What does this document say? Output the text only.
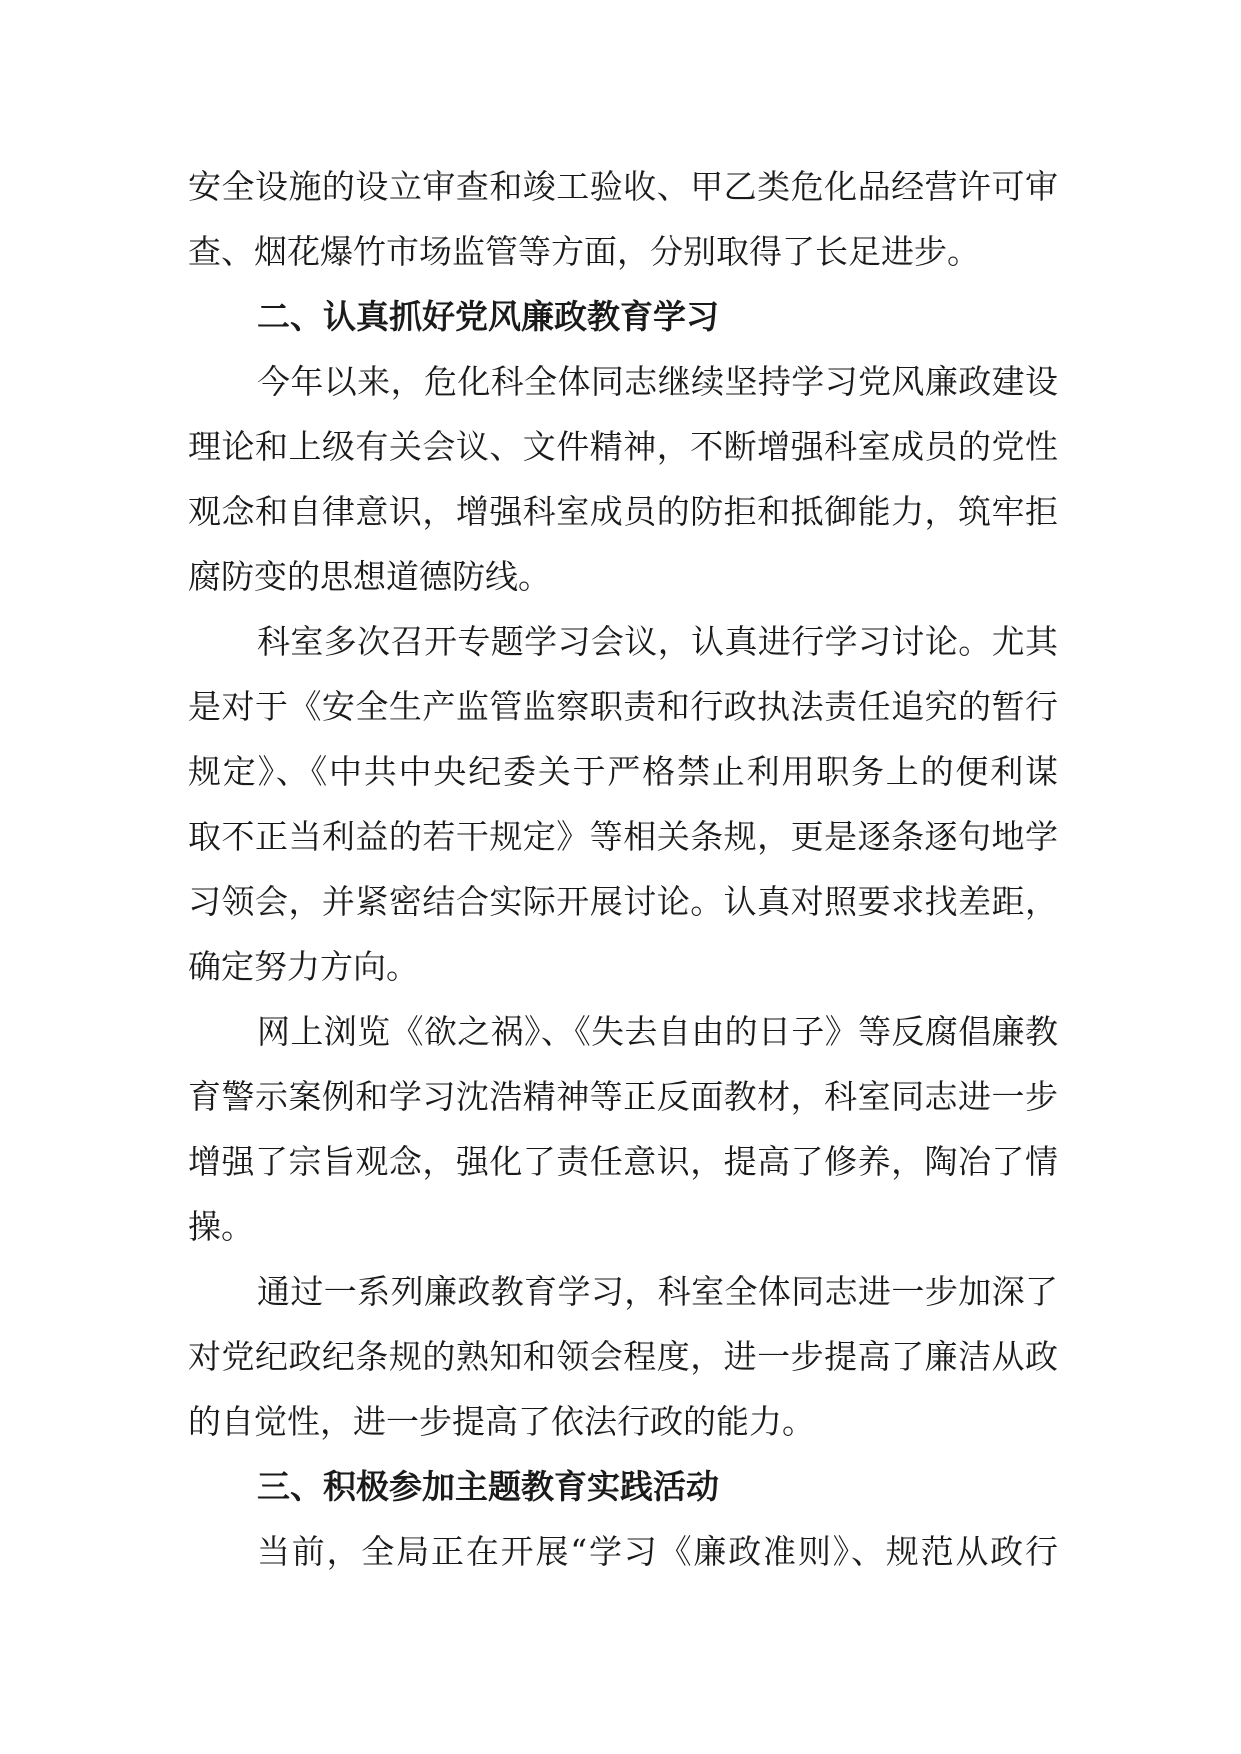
安全设施的设立审查和竣工验收、甲乙类危化品经营许可审
查、烟花爆竹市场监管等方面，分别取得了长足进步。
二、认真抓好党风廉政教育学习
今年以来，危化科全体同志继续坚持学习党风廉政建设
理论和上级有关会议、文件精神，不断增强科室成员的党性
观念和自律意识，增强科室成员的防拒和抵御能力，筑牢拒
腐防变的思想道德防线。
科室多次召开专题学习会议，认真进行学习讨论。尤其
是对于《安全生产监管监察职责和行政执法责任追究的暂行
规定》、《中共中央纪委关于严格禁止利用职务上的便利谋
取不正当利益的若干规定》等相关条规，更是逐条逐句地学
习领会，并紧密结合实际开展讨论。认真对照要求找差距，
确定努力方向。
网上浏览《欲之祸》、《失去自由的日子》等反腐倡廉教
育警示案例和学习沈浩精神等正反面教材，科室同志进一步
增强了宗旨观念，强化了责任意识，提高了修养，陶冶了情
操。
通过一系列廉政教育学习，科室全体同志进一步加深了
对党纪政纪条规的熟知和领会程度，进一步提高了廉洁从政
的自觉性，进一步提高了依法行政的能力。
三、积极参加主题教育实践活动
当前，全局正在开展“学习《廉政准则》、规范从政行
